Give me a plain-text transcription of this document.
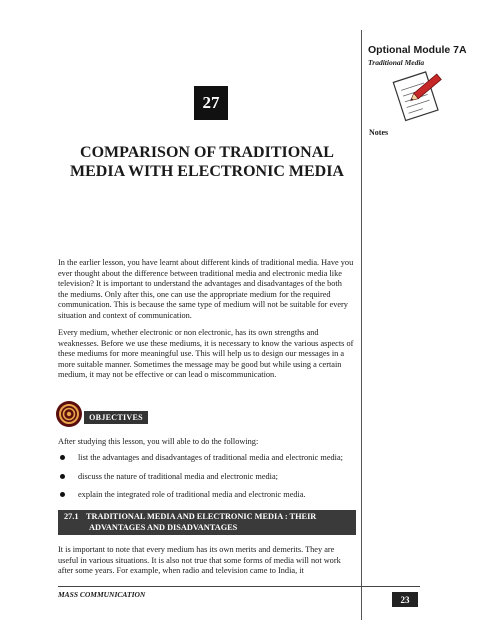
Optional Module 7A
Traditional Media
Notes
27
COMPARISON OF TRADITIONAL MEDIA WITH ELECTRONIC MEDIA

In the earlier lesson, you have learnt about different kinds of traditional media. Have you ever thought about the difference between traditional media and electronic media like television? It is important to understand the advantages and disadvantages of the both the mediums. Only after this, one can use the appropriate medium for the required communication. This is because the same type of medium will not be suitable for every situation and context of communication.

Every medium, whether electronic or non electronic, has its own strengths and weaknesses. Before we use these mediums, it is necessary to know the various aspects of these mediums for more meaningful use. This will help us to design our messages in a more suitable manner. Sometimes the message may be good but while using a certain medium, it may not be effective or can lead o miscommunication.

OBJECTIVES

After studying this lesson, you will able to do the following:

list the advantages and disadvantages of traditional media and electronic media;
discuss the nature of traditional media and electronic media;
explain the integrated role of traditional media and electronic media.
27.1 TRADITIONAL MEDIA AND ELECTRONIC MEDIA : THEIR
ADVANTAGES AND DISADVANTAGES

It is important to note that every medium has its own merits and demerits. They are useful in various situations. It is also not true that some forms of media will not work after some years. For example, when radio and television came to India, it

MASS COMMUNICATION	23
